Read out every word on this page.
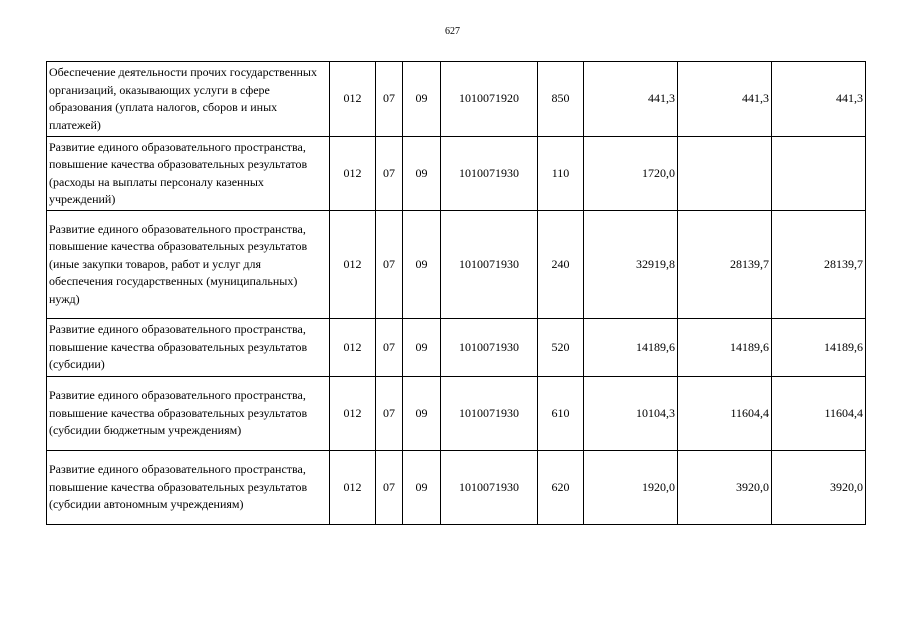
627
Обеспечение деятельности прочих государственных организаций, оказывающих услуги в сфере образования (уплата налогов, сборов и иных платежей)	012	07	09	1010071920	850	441,3	441,3	441,3
Развитие единого образовательного пространства, повышение качества образовательных результатов (расходы на выплаты персоналу казенных учреждений)	012	07	09	1010071930	110	1720,0		
Развитие единого образовательного пространства, повышение качества образовательных результатов (иные закупки товаров, работ и услуг для обеспечения государственных (муниципальных) нужд)	012	07	09	1010071930	240	32919,8	28139,7	28139,7
Развитие единого образовательного пространства, повышение качества образовательных результатов (субсидии)	012	07	09	1010071930	520	14189,6	14189,6	14189,6
Развитие единого образовательного пространства, повышение качества образовательных результатов (субсидии бюджетным учреждениям)	012	07	09	1010071930	610	10104,3	11604,4	11604,4
Развитие единого образовательного пространства, повышение качества образовательных результатов (субсидии автономным учреждениям)	012	07	09	1010071930	620	1920,0	3920,0	3920,0
